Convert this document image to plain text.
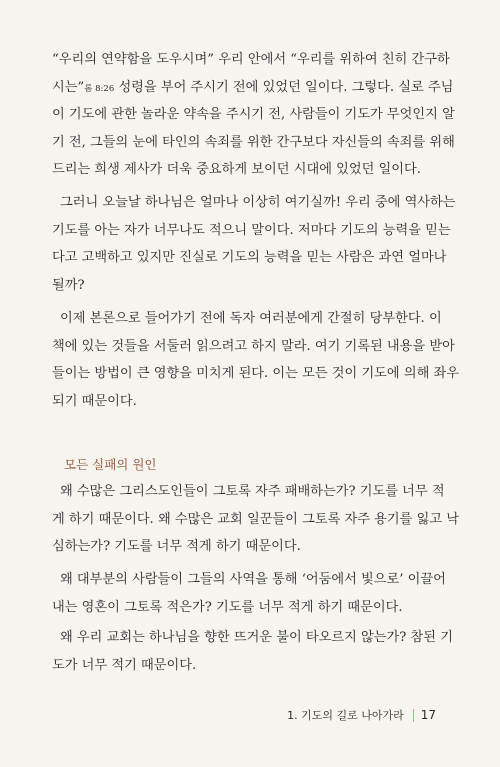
“우리의 연약함을 도우시며” 우리 안에서 “우리를 위하여 친히 간구하
시는”롬 8:26 성령을 부어 주시기 전에 있었던 일이다. 그렇다. 실로 주님
이 기도에 관한 놀라운 약속을 주시기 전, 사람들이 기도가 무엇인지 알
기 전, 그들의 눈에 타인의 속죄를 위한 간구보다 자신들의 속죄를 위해
드리는 희생 제사가 더욱 중요하게 보이던 시대에 있었던 일이다.
그러니 오늘날 하나님은 얼마나 이상히 여기실까! 우리 중에 역사하는
기도를 아는 자가 너무나도 적으니 말이다. 저마다 기도의 능력을 믿는
다고 고백하고 있지만 진실로 기도의 능력을 믿는 사람은 과연 얼마나
될까?
이제 본론으로 들어가기 전에 독자 여러분에게 간절히 당부한다. 이
책에 있는 것들을 서둘러 읽으려고 하지 말라. 여기 기록된 내용을 받아
들이는 방법이 큰 영향을 미치게 된다. 이는 모든 것이 기도에 의해 좌우
되기 때문이다.
모든 실패의 원인
왜 수많은 그리스도인들이 그토록 자주 패배하는가? 기도를 너무 적
게 하기 때문이다. 왜 수많은 교회 일꾼들이 그토록 자주 용기를 잃고 낙
심하는가? 기도를 너무 적게 하기 때문이다.
왜 대부분의 사람들이 그들의 사역을 통해 ‘어둠에서 빛으로’ 이끌어
내는 영혼이 그토록 적은가? 기도를 너무 적게 하기 때문이다.
왜 우리 교회는 하나님을 향한 뜨거운 불이 타오르지 않는가? 참된 기
도가 너무 적기 때문이다.
1. 기도의 길로 나아가라 17
